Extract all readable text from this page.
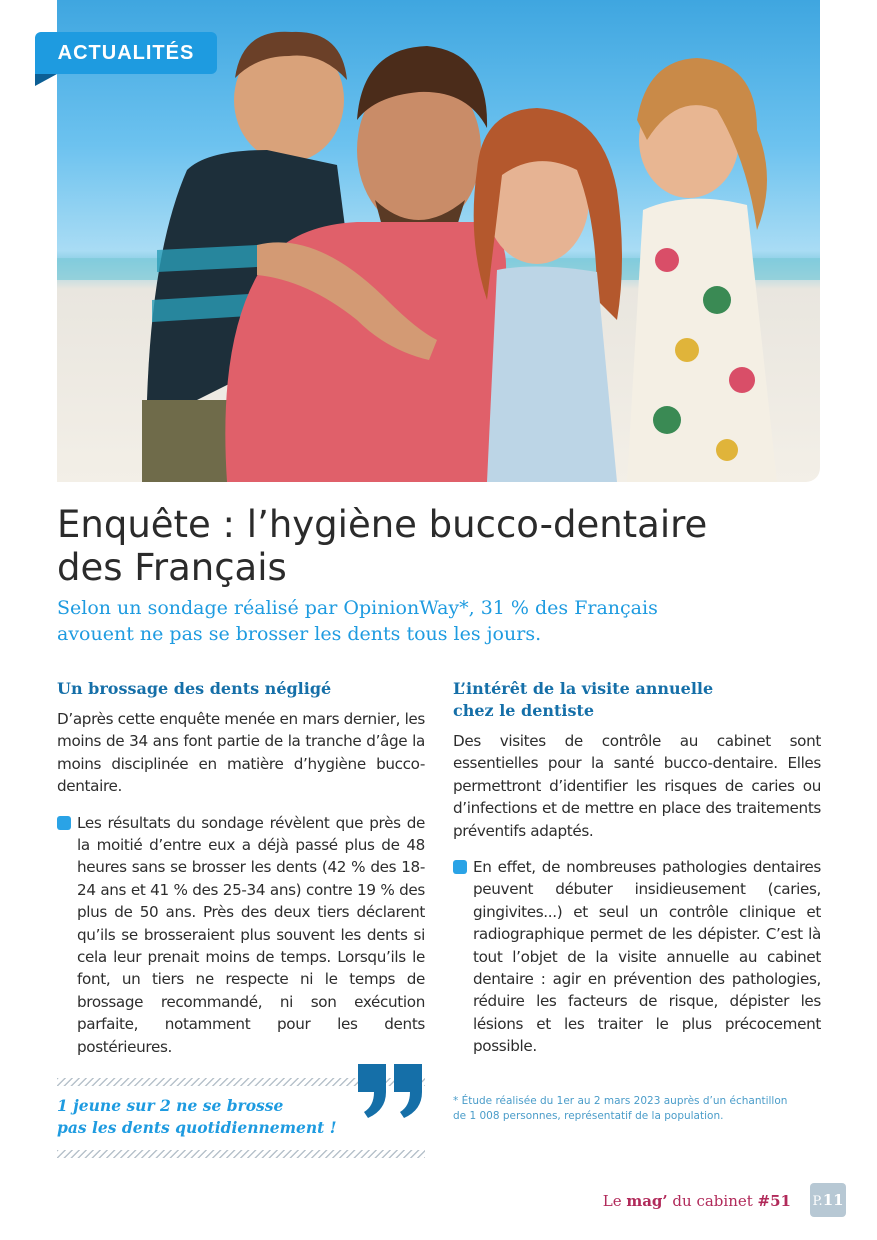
ACTUALITÉS
Enquête : l’hygiène bucco-dentaire
des Français

Selon un sondage réalisé par OpinionWay*, 31 % des Français
avouent ne pas se brosser les dents tous les jours.

Un brossage des dents négligé

D’après cette enquête menée en mars dernier, les moins de 34 ans font partie de la tranche d’âge la moins disciplinée en matière d’hygiène bucco-dentaire.

Les résultats du sondage révèlent que près de la moitié d’entre eux a déjà passé plus de 48 heures sans se brosser les dents (42 % des 18-24 ans et 41 % des 25-34 ans) contre 19 % des plus de 50 ans. Près des deux tiers déclarent qu’ils se brosseraient plus souvent les dents si cela leur prenait moins de temps. Lorsqu’ils le font, un tiers ne respecte ni le temps de brossage recommandé, ni son exécution parfaite, notamment pour les dents postérieures.

1 jeune sur 2 ne se brosse
pas les dents quotidiennement !

L’intérêt de la visite annuelle
chez le dentiste

Des visites de contrôle au cabinet sont essentielles pour la santé bucco-dentaire. Elles permettront d’identifier les risques de caries ou d’infections et de mettre en place des traitements préventifs adaptés.

En effet, de nombreuses pathologies dentaires peuvent débuter insidieusement (caries, gingivites...) et seul un contrôle clinique et radiographique permet de les dépister. C’est là tout l’objet de la visite annuelle au cabinet dentaire : agir en prévention des pathologies, réduire les facteurs de risque, dépister les lésions et les traiter le plus précocement possible.

* Étude réalisée du 1er au 2 mars 2023 auprès d’un échantillon
de 1 008 personnes, représentatif de la population.

Le mag’ du cabinet #51 P.11
